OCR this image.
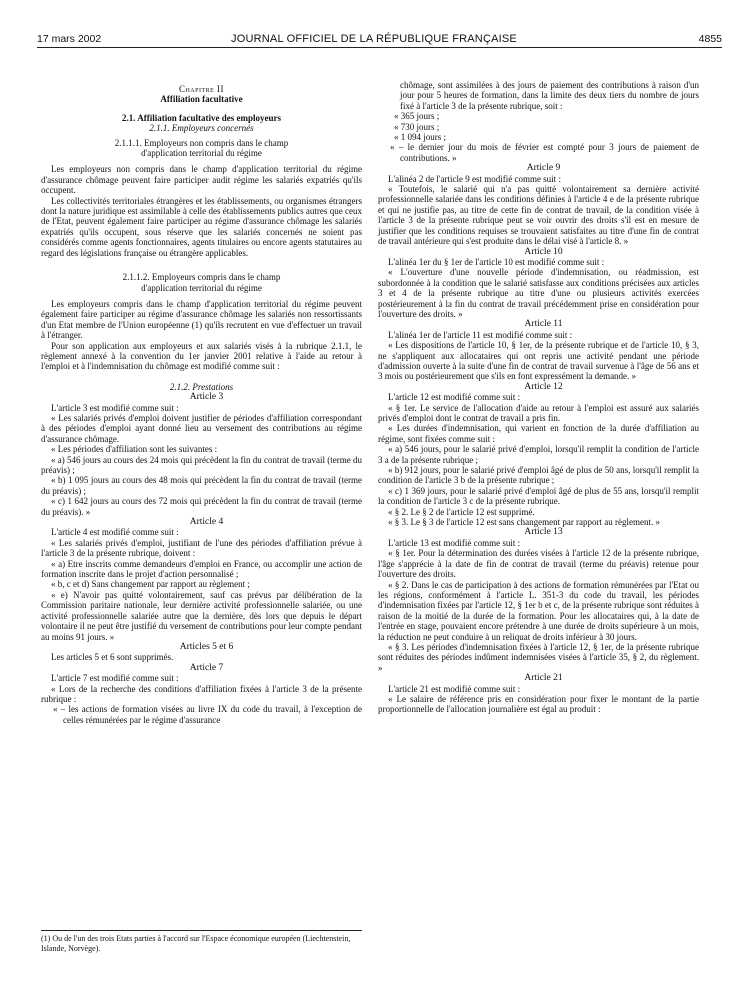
17 mars 2002	JOURNAL OFFICIEL DE LA RÉPUBLIQUE FRANÇAISE	4855

Chapitre II

Affiliation facultative

2.1. Affiliation facultative des employeurs

2.1.1. Employeurs concernés

2.1.1.1. Employeurs non compris dans le champ

d'application territorial du régime

Les employeurs non compris dans le champ d'application territorial du régime d'assurance chômage peuvent faire participer audit régime les salariés expatriés qu'ils occupent.

Les collectivités territoriales étrangères et les établissements, ou organismes étrangers dont la nature juridique est assimilable à celle des établissements publics autres que ceux de l'Etat, peuvent également faire participer au régime d'assurance chômage les salariés expatriés qu'ils occupent, sous réserve que les salariés concernés ne soient pas considérés comme agents fonctionnaires, agents titulaires ou encore agents statutaires au regard des législations française ou étrangère applicables.

2.1.1.2. Employeurs compris dans le champ

d'application territorial du régime

Les employeurs compris dans le champ d'application territorial du régime peuvent également faire participer au régime d'assurance chômage les salariés non ressortissants d'un Etat membre de l'Union européenne (1) qu'ils recrutent en vue d'effectuer un travail à l'étranger.

Pour son application aux employeurs et aux salariés visés à la rubrique 2.1.1, le règlement annexé à la convention du 1er janvier 2001 relative à l'aide au retour à l'emploi et à l'indemnisation du chômage est modifié comme suit :

2.1.2. Prestations

Article 3

L'article 3 est modifié comme suit :

« Les salariés privés d'emploi doivent justifier de périodes d'affiliation correspondant à des périodes d'emploi ayant donné lieu au versement des contributions au régime d'assurance chômage.

« Les périodes d'affiliation sont les suivantes :

« a) 546 jours au cours des 24 mois qui précèdent la fin du contrat de travail (terme du préavis) ;

« b) 1 095 jours au cours des 48 mois qui précèdent la fin du contrat de travail (terme du préavis) ;

« c) 1 642 jours au cours des 72 mois qui précèdent la fin du contrat de travail (terme du préavis). »

Article 4

L'article 4 est modifié comme suit :

« Les salariés privés d'emploi, justifiant de l'une des périodes d'affiliation prévue à l'article 3 de la présente rubrique, doivent :

« a) Etre inscrits comme demandeurs d'emploi en France, ou accomplir une action de formation inscrite dans le projet d'action personnalisé ;

« b, c et d) Sans changement par rapport au règlement ;

« e) N'avoir pas quitté volontairement, sauf cas prévus par délibération de la Commission paritaire nationale, leur dernière activité professionnelle salariée, ou une activité professionnelle salariée autre que la dernière, dès lors que depuis le départ volontaire il ne peut être justifié du versement de contributions pour leur compte pendant au moins 91 jours. »

Articles 5 et 6

Les articles 5 et 6 sont supprimés.

Article 7

L'article 7 est modifié comme suit :

« Lors de la recherche des conditions d'affiliation fixées à l'article 3 de la présente rubrique :

« – les actions de formation visées au livre IX du code du travail, à l'exception de celles rémunérées par le régime d'assurance

(1) Ou de l'un des trois Etats parties à l'accord sur l'Espace économique européen (Liechtenstein, Islande, Norvège).

chômage, sont assimilées à des jours de paiement des contributions à raison d'un jour pour 5 heures de formation, dans la limite des deux tiers du nombre de jours fixé à l'article 3 de la présente rubrique, soit :

« 365 jours ;

« 730 jours ;

« 1 094 jours ;

« – le dernier jour du mois de février est compté pour 3 jours de paiement de contributions. »

Article 9

L'alinéa 2 de l'article 9 est modifié comme suit :

« Toutefois, le salarié qui n'a pas quitté volontairement sa dernière activité professionnelle salariée dans les conditions définies à l'article 4 e de la présente rubrique et qui ne justifie pas, au titre de cette fin de contrat de travail, de la condition visée à l'article 3 de la présente rubrique peut se voir ouvrir des droits s'il est en mesure de justifier que les conditions requises se trouvaient satisfaites au titre d'une fin de contrat de travail antérieure qui s'est produite dans le délai visé à l'article 8. »

Article 10

L'alinéa 1er du § 1er de l'article 10 est modifié comme suit :

« L'ouverture d'une nouvelle période d'indemnisation, ou réadmission, est subordonnée à la condition que le salarié satisfasse aux conditions précisées aux articles 3 et 4 de la présente rubrique au titre d'une ou plusieurs activités exercées postérieurement à la fin du contrat de travail précédemment prise en considération pour l'ouverture des droits. »

Article 11

L'alinéa 1er de l'article 11 est modifié comme suit :

« Les dispositions de l'article 10, § 1er, de la présente rubrique et de l'article 10, § 3, ne s'appliquent aux allocataires qui ont repris une activité pendant une période d'admission ouverte à la suite d'une fin de contrat de travail survenue à l'âge de 56 ans et 3 mois ou postérieurement que s'ils en font expressément la demande. »

Article 12

L'article 12 est modifié comme suit :

« § 1er. Le service de l'allocation d'aide au retour à l'emploi est assuré aux salariés privés d'emploi dont le contrat de travail a pris fin.

« Les durées d'indemnisation, qui varient en fonction de la durée d'affiliation au régime, sont fixées comme suit :

« a) 546 jours, pour le salarié privé d'emploi, lorsqu'il remplit la condition de l'article 3 a de la présente rubrique ;

« b) 912 jours, pour le salarié privé d'emploi âgé de plus de 50 ans, lorsqu'il remplit la condition de l'article 3 b de la présente rubrique ;

« c) 1 369 jours, pour le salarié privé d'emploi âgé de plus de 55 ans, lorsqu'il remplit la condition de l'article 3 c de la présente rubrique.

« § 2. Le § 2 de l'article 12 est supprimé.

« § 3. Le § 3 de l'article 12 est sans changement par rapport au règlement. »

Article 13

L'article 13 est modifié comme suit :

« § 1er. Pour la détermination des durées visées à l'article 12 de la présente rubrique, l'âge s'apprécie à la date de fin de contrat de travail (terme du préavis) retenue pour l'ouverture des droits.

« § 2. Dans le cas de participation à des actions de formation rémunérées par l'Etat ou les régions, conformément à l'article L. 351-3 du code du travail, les périodes d'indemnisation fixées par l'article 12, § 1er b et c, de la présente rubrique sont réduites à raison de la moitié de la durée de la formation. Pour les allocataires qui, à la date de l'entrée en stage, pouvaient encore prétendre à une durée de droits supérieure à un mois, la réduction ne peut conduire à un reliquat de droits inférieur à 30 jours.

« § 3. Les périodes d'indemnisation fixées à l'article 12, § 1er, de la présente rubrique sont réduites des périodes indûment indemnisées visées à l'article 35, § 2, du règlement. »

Article 21

L'article 21 est modifié comme suit :

« Le salaire de référence pris en considération pour fixer le montant de la partie proportionnelle de l'allocation journalière est égal au produit :
